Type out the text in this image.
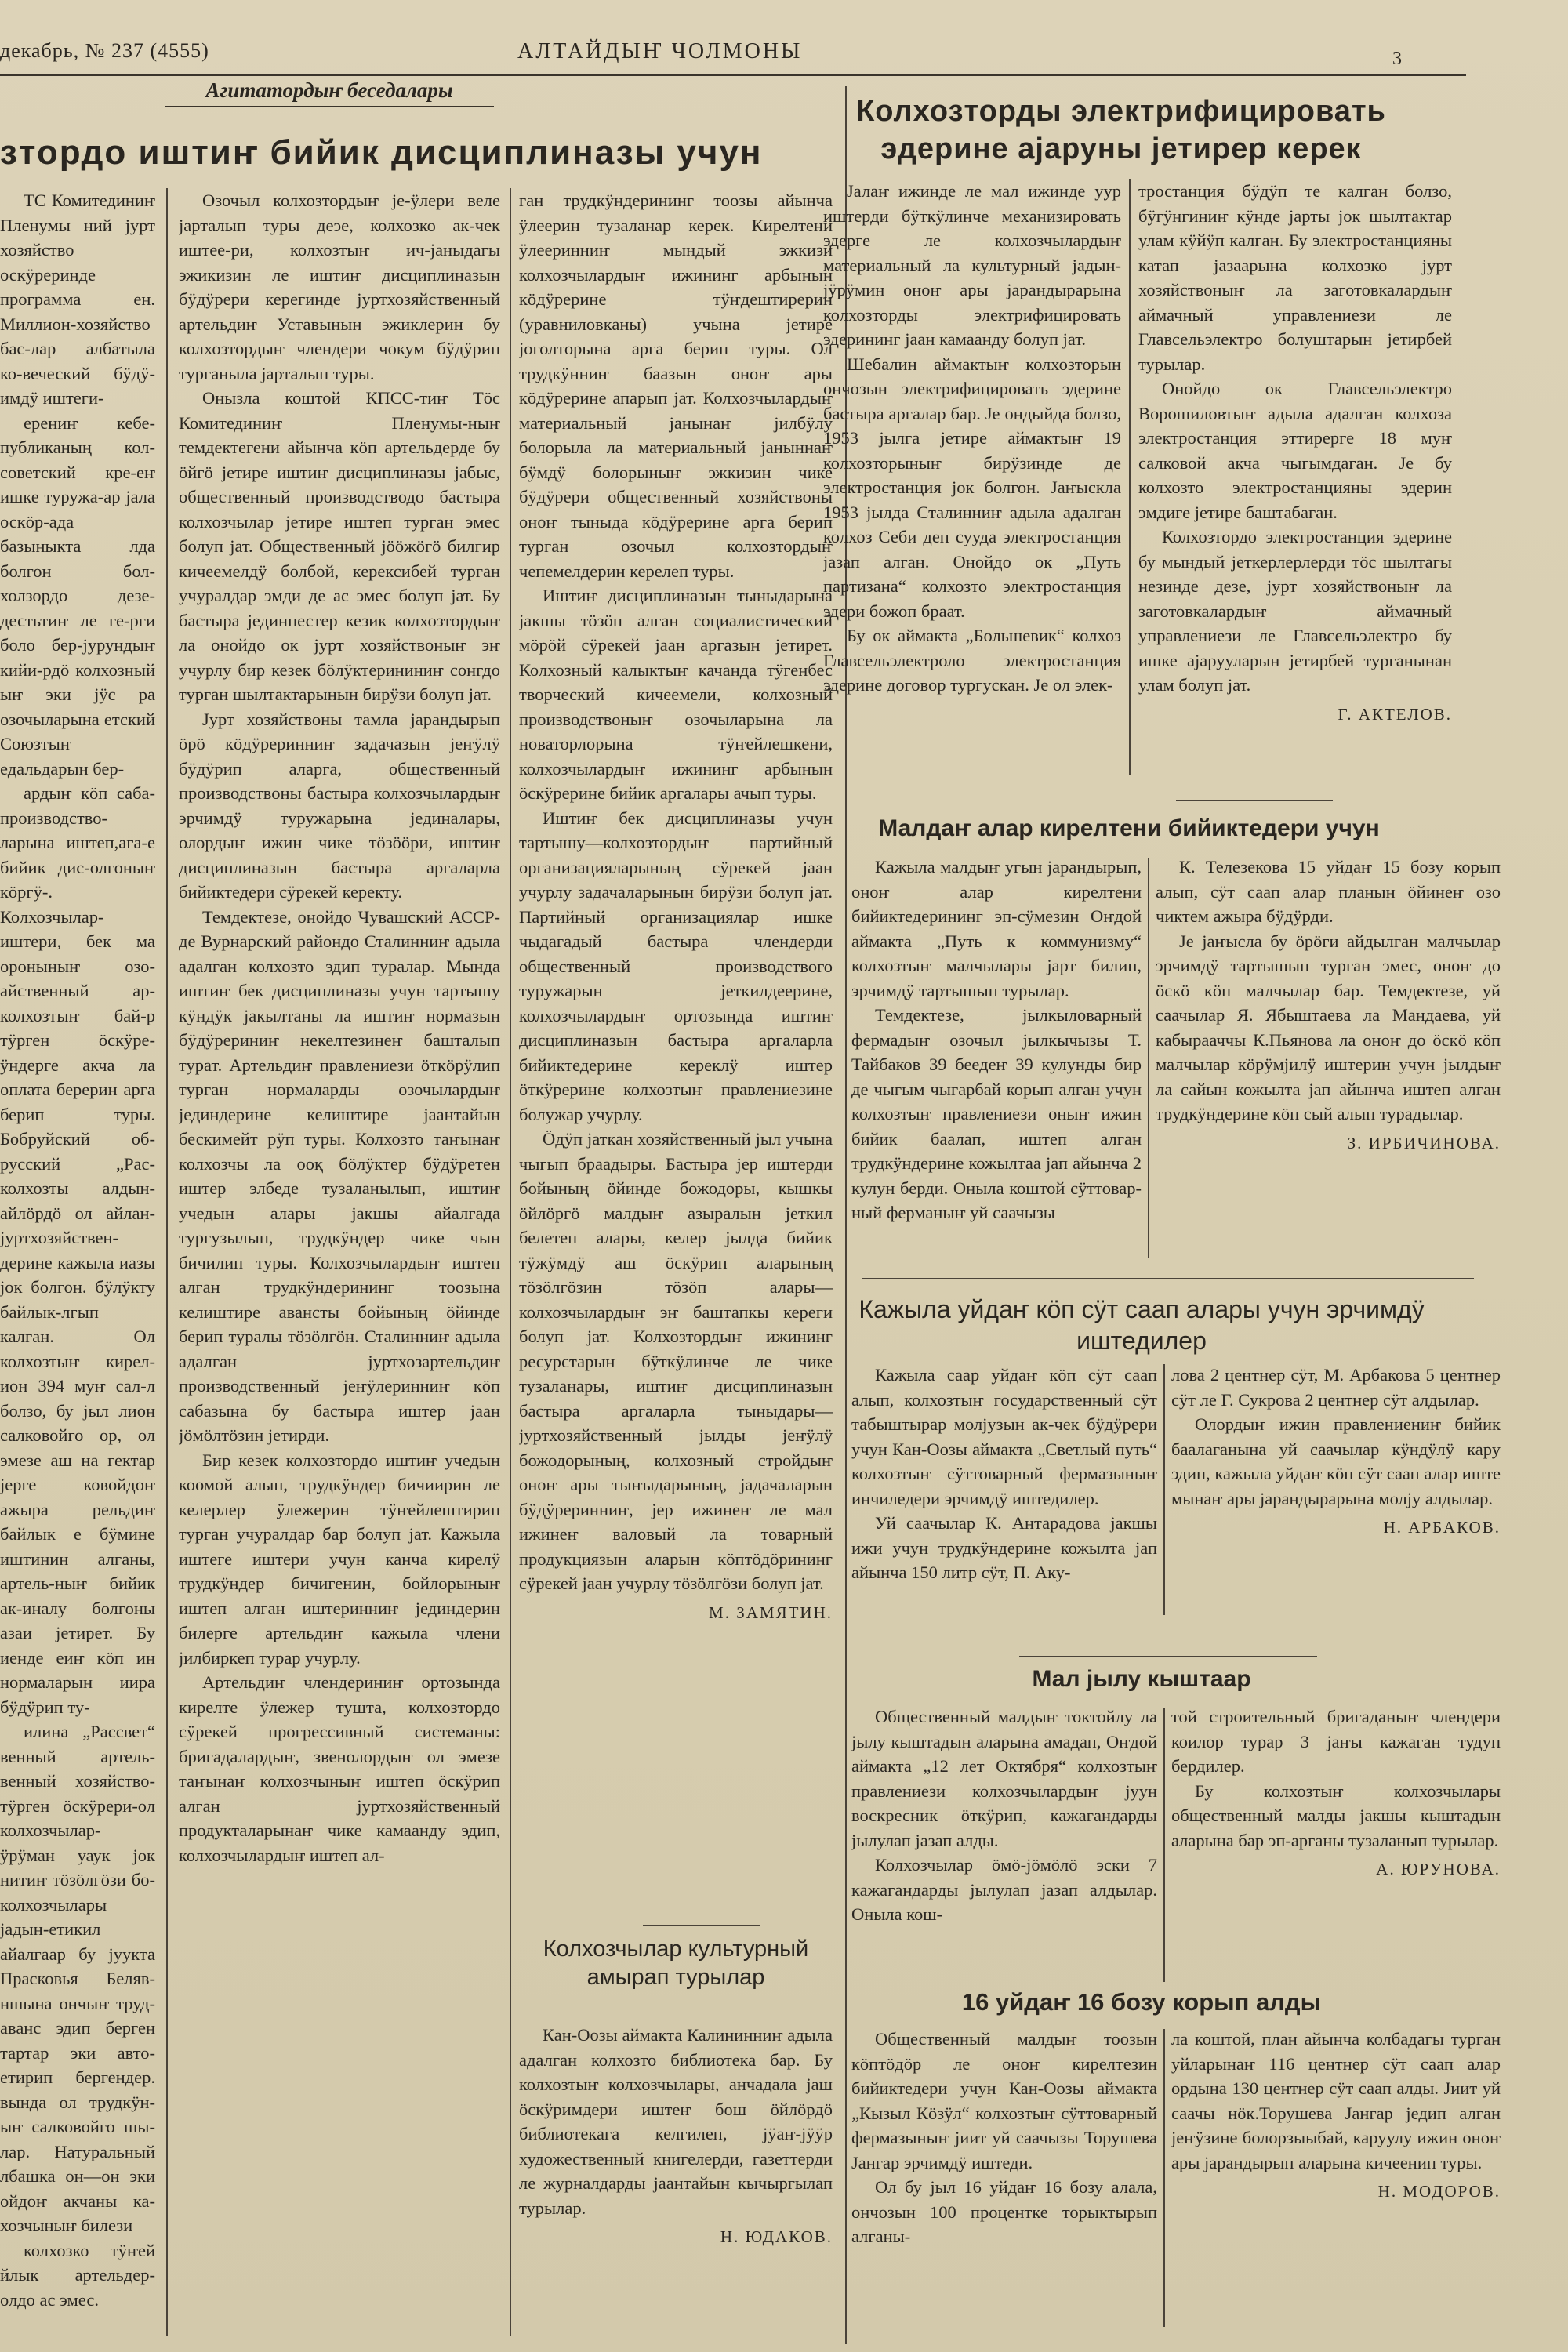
декабрь, № 237 (4555)	АЛТАЙДЫҤ ЧОЛМОНЫ	3
Агитатордыҥ беседалары
зтордо иштиҥ бийик дисциплиназы учун

ТС Комитединиҥ Пленумы ний јурт хозяйство оскӱреринде программа ен. Миллион-хозяйство бас-лар албатыла ко-веческий бӱдӱ-имдӱ иштеги-

ерениҥ кебе-публиканың кол-советский кре-еҥ ишке туружа-ар јала оскӧр-ада базыныкта лда болгон бол-холзордо дезе-дестьтиҥ ле ге-рги боло бер-јурундыҥ кийи-рдӧ колхозный ыҥ эки јӱс ра озочыларына етский Союзтыҥ едальдарын бер-

ардыҥ кӧп саба-производство-ларына иштеп,ага-е бийик дис-олгоныҥ кӧргӱ-. Колхозчылар-иштери, бек ма ороныныҥ озо-айственный ар-колхозтыҥ бай-р тӱрген ӧскӱре-ӱндерге акча ла оплата берерин арга берип туры. Бобруйский об-русский „Рас-колхозты алдын-айлӧрдӧ ол айлан-јуртхозяйствен-дерине кажыла иазы јок болгон. бӱлӱкту байлык-лгып калган. Ол колхозтыҥ кирел-ион 394 муҥ сал-л болзо, бу јыл лион салковойго ор, ол эмезе аш на гектар јерге ковойдоҥ ажыра рельдиҥ байлык е бӱмине иштинин алганы, артель-ныҥ бийик ак-иналу болгоны азаи јетирет. Бу иенде еиҥ кӧп ин нормаларын иира бӱдӱрип ту-

илина „Рассвет“ венный артель-венный хозяйство-тӱрген ӧскӱрери-ол колхозчылар-ӱрӱман уаук јок нитиҥ тӧзӧлгӧзи бо-колхозчылары јадын-етикил айалгаар бу јуукта Прасковья Беляв-ншына ончыҥ труд-аванс эдип берген тартар эки авто-етирип бергендер. вында ол трудкӱн-ыҥ салковойго шы-лар. Натуральный лбашка он—он эки ойдоҥ акчаны ка-хозчыныҥ билези

колхозко тӱҥей йлык артельдер-олдо ас эмес.

Озочыл колхозтордыҥ је-ӱлери веле јарталып туры деэе, колхозко ак-чек иштее-ри, колхозтыҥ ич-јаныдагы эжикизин ле иштиҥ дисциплиназын бӱдӱрери керегинде јуртхозяйственный артельдиҥ Уставынын эжиклерин бу колхозтордыҥ члендери чокум бӱдӱрип турганыла јарталып туры.

Онызла коштой КПСС-тиҥ Тӧс Комитединиҥ Пленумы-ныҥ темдектегени айынча кӧп артельдерде бу ӧйгӧ јетире иштиҥ дисциплиназы јабыс, общественный производстводо бастыра колхозчылар јетире иштеп турган эмес болуп јат. Общественный јӧӧжӧгӧ билгир кичеемелдӱ болбой, керексибей турган учуралдар эмди де ас эмес болуп јат. Бу бастыра јединпестер кезик колхозтордыҥ ла онойдо ок јурт хозяйствоныҥ эҥ учурлу бир кезек бӧлӱктерининиҥ сонгдо турган шылтактарынын бирӱзи болуп јат.

Јурт хозяйствоны тамла јарандырып ӧрӧ кӧдӱреринниҥ задачазын јеҥӱлӱ бӱдӱрип аларга, общественный производствоны бастыра колхозчылардыҥ эрчимдӱ туружарына јединалары, олордыҥ ижин чике тӧзӧӧри, иштиҥ дисциплиназын бастыра аргаларла бийиктедери сӱрекей керекту.

Темдектезе, онойдо Чувашский АССР-де Вурнарский райондо Сталинниҥ адыла адалган колхозто эдип туралар. Мында иштиҥ бек дисциплиназы учун тартышу кӱндӱк јакылтаны ла иштиҥ нормазын бӱдӱрериниҥ некелтезинеҥ башталып турат. Артельдиҥ правлениези ӧткӧрӱлип турган нормаларды озочылардыҥ јединдерине келиштире јаантайын бескимейт рӱп туры. Колхозто таҥынаҥ колхозчы ла ооқ бӧлӱктер бӱдӱретен иштер элбеде тузаланылып, иштиҥ учедын алары јакшы айалгада тургузылып, трудкӱндер чике чын бичилип туры. Колхозчылардыҥ иштеп алган трудкӱндерининг тоозына келиштире авансты бойының ӧйинде берип туралы тӧзӧлгӧн. Сталинниҥ адыла адалган јуртхозартельдиҥ производственный јеҥӱлеринниҥ кӧп сабазына бу бастыра иштер јаан јӧмӧлтӧзин јетирди.

Бир кезек колхозтордо иштиҥ учедын коомой алып, трудкӱндер бичиирин ле келерлер ӱлежерин тӱҥейлештирип турган учуралдар бар болуп јат. Кажыла иштеге иштери учун канча кирелӱ трудкӱндер бичигенин, бойлорыныҥ иштеп алган иштеринниҥ јединдерин билерге артельдиҥ кажыла члени јилбиркеп турар учурлу.

Артельдиҥ члендериниҥ ортозында кирелте ӱлежер тушта, колхозтордо сӱрекей прогрессивный системаны: бригадалардыҥ, звенолордыҥ ол эмезе таҥынаҥ колхозчыныҥ иштеп ӧскӱрип алган јуртхозяйственный продукталарынаҥ чике камаанду эдип, колхозчылардыҥ иштеп ал-

ган трудкӱндерининг тоозы айынча ӱлеерин тузаланар керек. Кирелтени ӱлееринниҥ мындый эжкизи колхозчылардыҥ ижининг арбынын кӧдӱрерине тӱҥдештирерин (уравниловканы) учына јетире јоголторына арга берип туры. Ол трудкӱнниҥ баазын оноҥ ары кӧдӱрерине апарып јат. Колхозчылардыҥ материальный јанынаҥ јилбӱлӱ болорыла ла материальный јаныннаҥ бӱмдӱ болорыныҥ эжкизин чике бӱдӱрери общественный хозяйствоны оноҥ тыныда кӧдӱрерине арга берип турган озочыл колхозтордыҥ чепемелдерин керелеп туры.

Иштиҥ дисциплиназын тыныдарына јакшы тӧзӧп алган социалистический мӧрӧй сӱрекей јаан аргазын јетирет. Колхозный калыктыҥ качанда тӱгенбес творческий кичеемели, колхозный производствоныҥ озочыларына ла новаторлорына тӱҥейлешкени, колхозчылардыҥ ижининг арбынын ӧскӱрерине бийик аргалары ачып туры.

Иштиҥ бек дисциплиназы учун тартышу—колхозтордыҥ партийный организацияларының сӱрекей јаан учурлу задачаларынын бирӱзи болуп јат. Партийный организациялар ишке чыдагадый бастыра члендерди общественный производствого туружарын јеткилдеерине, колхозчылардыҥ ортозында иштиҥ дисциплиназын бастыра аргаларла бийиктедерине кереклӱ иштер ӧткӱрерине колхозтыҥ правлениезине болужар учурлу.

Ӧдӱп јаткан хозяйственный јыл учына чыгып браадыры. Бастыра јер иштерди бойының ӧйинде божодоры, кышкы ӧйлӧргӧ малдыҥ азыралын јеткил белетеп алары, келер јылда бийик тӱжӱмдӱ аш ӧскӱрип аларының тӧзӧлгӧзин тӧзӧп алары—колхозчылардыҥ эҥ баштапкы кереги болуп јат. Колхозтордыҥ ижининг ресурстарын бӱткӱлинче ле чике тузаланары, иштиҥ дисциплиназын бастыра аргаларла тыныдары—јуртхозяйственный јылды јеҥӱлӱ божодорының, колхозный стройдыҥ оноҥ ары тыҥыдарының, јадачаларын бӱдӱреринниҥ, јер ижинеҥ ле мал ижинеҥ валовый ла товарный продукциязын аларын кӧптӧдӧрининг сӱрекей јаан учурлу тӧзӧлгӧзи болуп јат.

М. ЗАМЯТИН.
Колхозчылар культурный амырап турылар

Кан-Оозы аймакта Калининниҥ адыла адалган колхозто библиотека бар. Бу колхозтыҥ колхозчылары, анчадала јаш ӧскӱримдери иштеҥ бош ӧйлӧрдӧ библиотекага келгилеп, јӱаҥ-јӱӱр художественный книгелерди, газеттерди ле журналдарды јаантайын кычыргылап турылар.

Н. ЮДАКОВ.
Колхозторды электрифицировать эдерине аjаруны jетирер керек

Јалаҥ ижинде ле мал ижинде уур иштерди бӱткӱлинче механизировать эдерге ле колхозчылардыҥ материальный ла культурный јадын-јӱрӱмин оноҥ ары јарандырарына колхозторды электрифицировать эдерининг јаан камаанду болуп јат.

Шебалин аймактыҥ колхозторын ончозын электрифицировать эдерине бастыра аргалар бар. Је ондыйда болзо, 1953 јылга јетире аймактыҥ 19 колхозторыныҥ бирӱзинде де электростанция јок болгон. Јаҥыскла 1953 јылда Сталинниҥ адыла адалган колхоз Себи деп сууда электростанция јазап алган. Онойдо ок „Путь партизана“ колхозто электростанция эдери божоп браат.

Бу ок аймакта „Большевик“ колхоз Главсельэлектроло электростанция эдерине договор тургускан. Је ол элек-

тростанция бӱдӱп те калган болзо, бӱгӱнгиниҥ кӱнде јарты јок шылтактар улам кӱйӱп калган. Бу электростанцияны катап јазаарына колхозко јурт хозяйствоныҥ ла заготовкалардыҥ аймачный управлениези ле Главсельэлектро болуштарын јетирбей турылар.

Онойдо ок Главсельэлектро Ворошиловтыҥ адыла адалган колхоза электростанция эттирерге 18 муҥ салковой акча чыгымдаган. Је бу колхозто электростанцияны эдерин эмдиге јетире баштабаган.

Колхозтордо электростанция эдерине бу мындый јеткерлерлерди тӧс шылтагы незинде дезе, јурт хозяйствоныҥ ла заготовкалардыҥ аймачный управлениези ле Главсельэлектро бу ишке аjарууларын јетирбей турганынан улам болуп јат.

Г. АКТЕЛОВ.
Малдаҥ алар кирелтени бийиктедери учун

Кажыла малдыҥ угын јарандырып, оноҥ алар кирелтени бийиктедерининг эп-сӱмезин Оҥдой аймакта „Путь к коммунизму“ колхозтыҥ малчылары јарт билип, эрчимдӱ тартышып турылар.

Темдектезе, јылкыловарный фермадыҥ озочыл јылкычызы Т. Тайбаков 39 беедеҥ 39 кулунды бир де чыгым чыгарбай корып алган учун колхозтыҥ правлениези оныҥ ижин бийик баалап, иштеп алган трудкӱндерине кожылтаа јап айынча 2 кулун берди. Оныла коштой сӱттовар-ный ферманыҥ уй саачызы

К. Телезекова 15 уйдаҥ 15 бозу корып алып, сӱт саап алар планын ӧйинеҥ озо чиктем ажыра бӱдӱрди.

Је јаҥысла бу ӧрӧги айдылган малчылар эрчимдӱ тартышып турган эмес, оноҥ до ӧскӧ кӧп малчылар бар. Темдектезе, уй саачылар Я. Ябыштаева ла Мандаева, уй кабырааччы К.Пьянова ла оноҥ до ӧскӧ кӧп малчылар кӧрӱмјилӱ иштерин учун јылдыҥ ла сайын кожылта јап айынча иштеп алган трудкӱндерине кӧп сый алып турадылар.

З. ИРБИЧИНОВА.
Кажыла уйдаҥ кӧп сӱт саап алары учун эрчимдӱ иштедилер

Кажыла саар уйдаҥ кӧп сӱт саап алып, колхозтыҥ государственный сӱт табыштырар молјузын ак-чек бӱдӱрери учун Кан-Оозы аймакта „Светлый путь“ колхозтыҥ сӱттоварный фермазыныҥ инчиледери эрчимдӱ иштедилер.

Уй саачылар К. Антарадова јакшы ижи учун трудкӱндерине кожылта јап айынча 150 литр сӱт, П. Аку-

лова 2 центнер сӱт, М. Арбакова 5 центнер сӱт ле Г. Сукрова 2 центнер сӱт алдылар.

Олордыҥ ижин правлениениҥ бийик баалаганына уй саачылар кӱндӱлӱ кару эдип, кажыла уйдаҥ кӧп сӱт саап алар иште мынаҥ ары јарандырарына молју алдылар.

Н. АРБАКОВ.
Мал јылу кыштаар

Общественный малдыҥ токтойлу ла јылу кыштадын аларына амадап, Оҥдой аймакта „12 лет Октября“ колхозтыҥ правлениези колхозчылардыҥ јуун воскресник ӧткӱрип, кажагандарды јылулап јазап алды.

Колхозчылар ӧмӧ-јӧмӧлӧ эски 7 кажагандарды јылулап јазап алдылар. Оныла кош-

той строительный бригаданыҥ члендери коилор турар 3 јаҥы кажаган тудуп бердилер.

Бу колхозтыҥ колхозчылары общественный малды јакшы кыштадын аларына бар эп-арганы тузаланып турылар.

А. ЮРУНОВА.
16 уйдаҥ 16 бозу корып алды

Общественный малдыҥ тоозын кӧптӧдӧр ле оноҥ кирелтезин бийиктедери учун Кан-Оозы аймакта „Кызыл Кӧзӱл“ колхозтыҥ сӱттоварный фермазыныҥ јиит уй саачызы Торушева Јангар эрчимдӱ иштеди.

Ол бу јыл 16 уйдаҥ 16 бозу алала, ончозын 100 процентке торыктырып алганы-

ла коштой, план айынча колбадагы турган уйларынаҥ 116 центнер сӱт саап алар ордына 130 центнер сӱт саап алды. Јиит уй саачы нӧк.Торушева Јангар једип алган јеҥӱзине болорзыыбай, каруулу ижин оноҥ ары јарандырып аларына кичеенип туры.

Н. МОДОРОВ.
